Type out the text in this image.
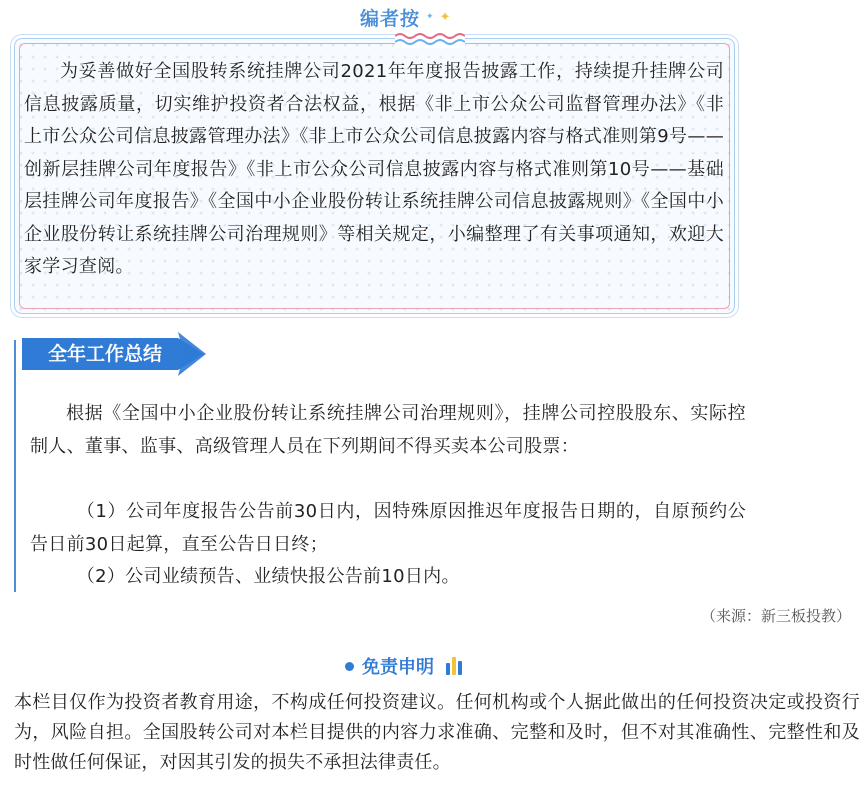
编者按 ✦ ✦

为妥善做好全国股转系统挂牌公司2021年年度报告披露工作，持续提升挂牌公司信息披露质量，切实维护投资者合法权益，根据《非上市公众公司监督管理办法》《非上市公众公司信息披露管理办法》《非上市公众公司信息披露内容与格式准则第9号——创新层挂牌公司年度报告》《非上市公众公司信息披露内容与格式准则第10号——基础层挂牌公司年度报告》《全国中小企业股份转让系统挂牌公司信息披露规则》《全国中小企业股份转让系统挂牌公司治理规则》等相关规定，小编整理了有关事项通知，欢迎大家学习查阅。

全年工作总结

根据《全国中小企业股份转让系统挂牌公司治理规则》，挂牌公司控股股东、实际控制人、董事、监事、高级管理人员在下列期间不得买卖本公司股票：

（1）公司年度报告公告前30日内，因特殊原因推迟年度报告日期的，自原预约公告日前30日起算，直至公告日日终；

（2）公司业绩预告、业绩快报公告前10日内。

（来源：新三板投教）
免责申明

本栏目仅作为投资者教育用途，不构成任何投资建议。任何机构或个人据此做出的任何投资决定或投资行为，风险自担。全国股转公司对本栏目提供的内容力求准确、完整和及时，但不对其准确性、完整性和及时性做任何保证，对因其引发的损失不承担法律责任。
